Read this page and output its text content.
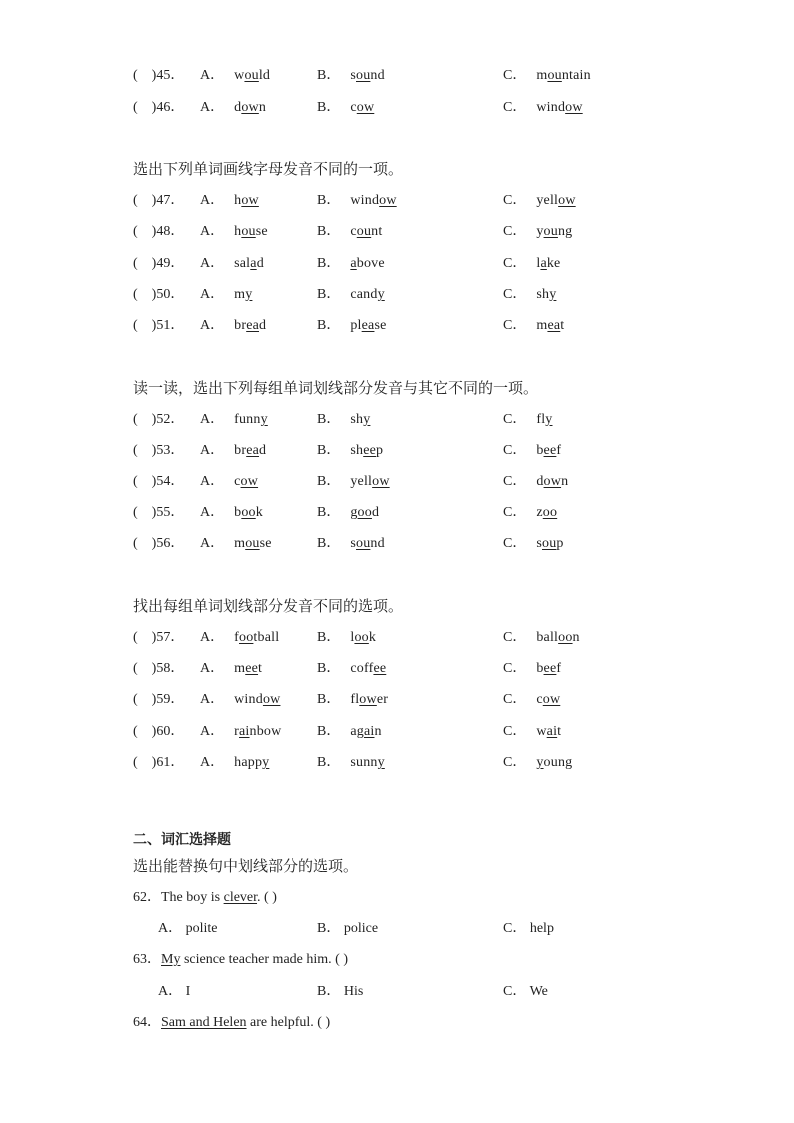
(    )45． A． would	B． sound	C． mountain
(    )46． A． down	B． cow	C． window
选出下列单词画线字母发音不同的一项。
(    )47． A． how	B． window	C． yellow
(    )48． A． house	B． count	C． young
(    )49． A． salad	B． above	C． lake
(    )50． A． my	B． candy	C． shy
(    )51． A． bread	B． please	C． meat
读一读，选出下列每组单词划线部分发音与其它不同的一项。
(    )52． A． funny	B． shy	C． fly
(    )53． A． bread	B． sheep	C． beef
(    )54． A． cow	B． yellow	C． down
(    )55． A． book	B． good	C． zoo
(    )56． A． mouse	B． sound	C． soup
找出每组单词划线部分发音不同的选项。
(    )57． A． football	B． look	C． balloon
(    )58． A． meet	B． coffee	C． beef
(    )59． A． window	B． flower	C． cow
(    )60． A． rainbow	B． again	C． wait
(    )61． A． happy	B． sunny	C． young
二、词汇选择题
选出能替换句中划线部分的选项。
62．The boy is clever. ( )
A． polite	B． police	C． help
63．My science teacher made him. ( )
A． I	B． His	C． We
64．Sam and Helen are helpful. ( )
